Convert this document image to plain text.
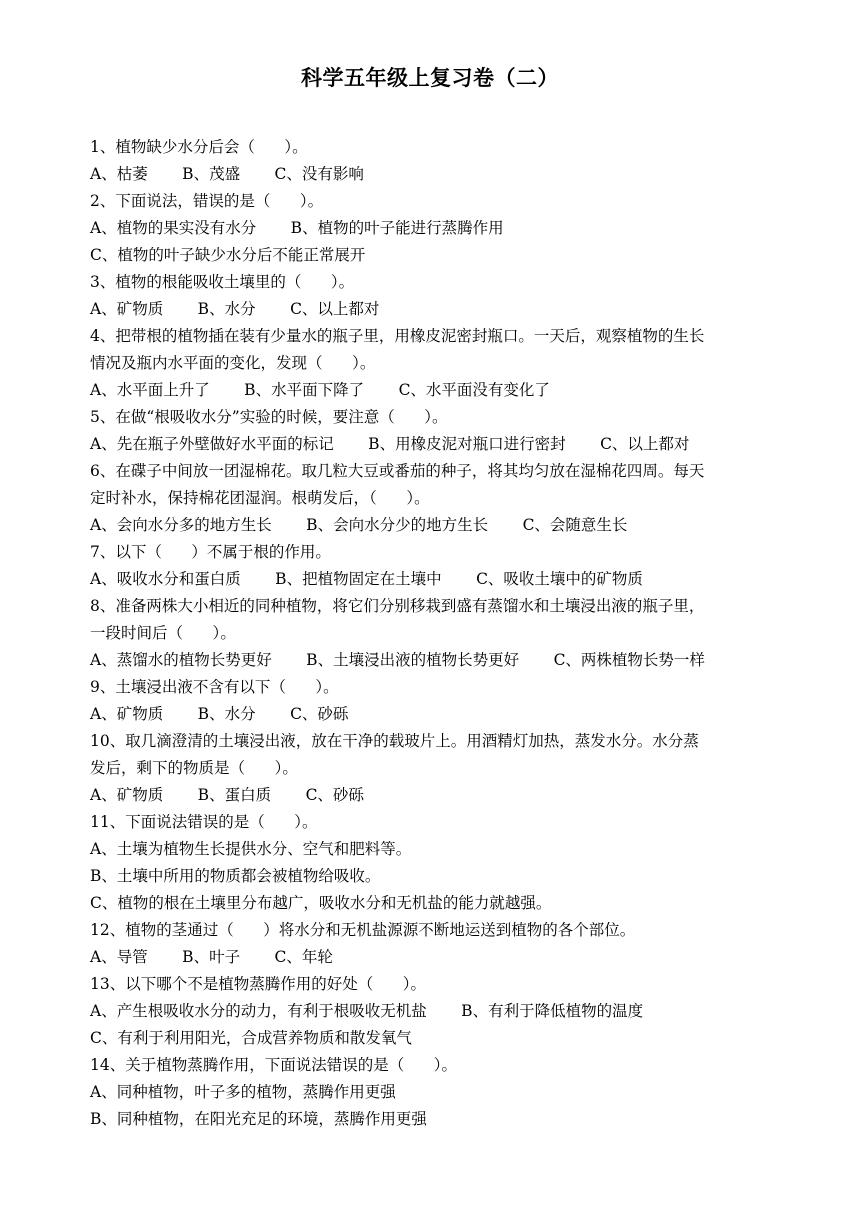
科学五年级上复习卷（二）
1、植物缺少水分后会（      ）。
A、枯萎       B、茂盛       C、没有影响
2、下面说法，错误的是（      ）。
A、植物的果实没有水分       B、植物的叶子能进行蒸腾作用
C、植物的叶子缺少水分后不能正常展开
3、植物的根能吸收土壤里的（      ）。
A、矿物质       B、水分       C、以上都对
4、把带根的植物插在装有少量水的瓶子里，用橡皮泥密封瓶口。一天后，观察植物的生长
情况及瓶内水平面的变化，发现（      ）。
A、水平面上升了       B、水平面下降了       C、水平面没有变化了
5、在做“根吸收水分”实验的时候，要注意（      ）。
A、先在瓶子外壁做好水平面的标记       B、用橡皮泥对瓶口进行密封       C、以上都对
6、在碟子中间放一团湿棉花。取几粒大豆或番茄的种子，将其均匀放在湿棉花四周。每天
定时补水，保持棉花团湿润。根萌发后，（      ）。
A、会向水分多的地方生长       B、会向水分少的地方生长       C、会随意生长
7、以下（      ）不属于根的作用。
A、吸收水分和蛋白质       B、把植物固定在土壤中       C、吸收土壤中的矿物质
8、准备两株大小相近的同种植物，将它们分别移栽到盛有蒸馏水和土壤浸出液的瓶子里，
一段时间后（      ）。
A、蒸馏水的植物长势更好       B、土壤浸出液的植物长势更好       C、两株植物长势一样
9、土壤浸出液不含有以下（      ）。
A、矿物质       B、水分       C、砂砾
10、取几滴澄清的土壤浸出液，放在干净的载玻片上。用酒精灯加热，蒸发水分。水分蒸
发后，剩下的物质是（      ）。
A、矿物质       B、蛋白质       C、砂砾
11、下面说法错误的是（      ）。
A、土壤为植物生长提供水分、空气和肥料等。
B、土壤中所用的物质都会被植物给吸收。
C、植物的根在土壤里分布越广，吸收水分和无机盐的能力就越强。
12、植物的茎通过（      ）将水分和无机盐源源不断地运送到植物的各个部位。
A、导管       B、叶子       C、年轮
13、以下哪个不是植物蒸腾作用的好处（      ）。
A、产生根吸收水分的动力，有利于根吸收无机盐       B、有利于降低植物的温度
C、有利于利用阳光，合成营养物质和散发氧气
14、关于植物蒸腾作用，下面说法错误的是（      ）。
A、同种植物，叶子多的植物，蒸腾作用更强
B、同种植物，在阳光充足的环境，蒸腾作用更强
